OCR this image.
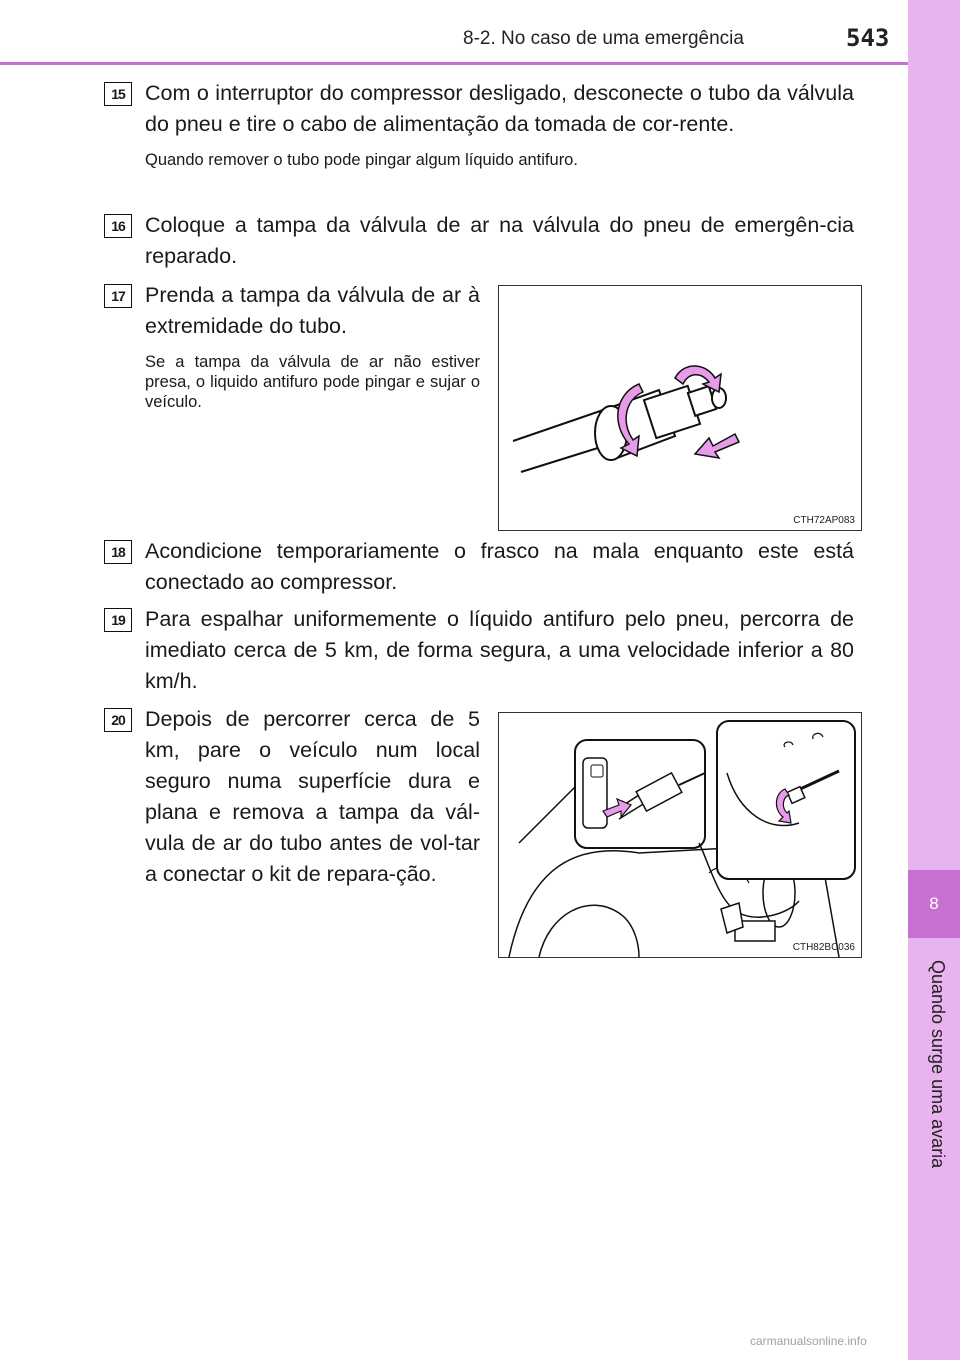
8
Quando surge uma avaria
8-2. No caso de uma emergência	543
15 Com o interruptor do compressor desligado, desconecte o tubo da válvula do pneu e tire o cabo de alimentação da tomada de cor-rente.
Quando remover o tubo pode pingar algum líquido antifuro.
16 Coloque a tampa da válvula de ar na válvula do pneu de emergên-cia reparado.
17 Prenda a tampa da válvula de ar à extremidade do tubo.
Se a tampa da válvula de ar não estiver presa, o liquido antifuro pode pingar e sujar o veículo.
CTH72AP083
18 Acondicione temporariamente o frasco na mala enquanto este está conectado ao compressor.
19 Para espalhar uniformemente o líquido antifuro pelo pneu, percorra de imediato cerca de 5 km, de forma segura, a uma velocidade inferior a 80 km/h.
20 Depois de percorrer cerca de 5 km, pare o veículo num local seguro numa superfície dura e plana e remova a tampa da vál-vula de ar do tubo antes de vol-tar a conectar o kit de repara-ção.
CTH82BC036
carmanualsonline.info
